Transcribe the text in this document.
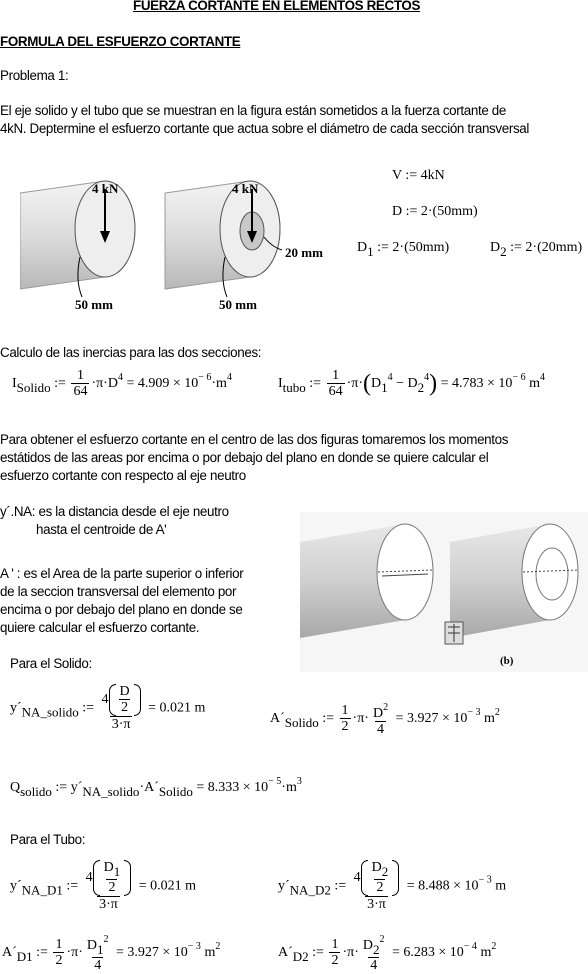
FUERZA CORTANTE EN ELEMENTOS RECTOS
FORMULA DEL ESFUERZO CORTANTE
Problema 1:
El eje solido y el tubo que se muestran en la figura están sometidos a la fuerza cortante de
4kN. Deptermine el esfuerzo cortante que actua sobre el diámetro de cada sección transversal
4 kN	4 kN
50 mm	50 mm
20 mm
V := 4kN
D := 2·(50mm)
$D_1$ := 2·(50mm)	$D_2$ := 2·(20mm)
Calculo de las inercias para las dos secciones:
$I_{Solido}$ := $\frac{1}{64} \cdot\pi\cdot D^4 = 4.909 \times 10^{- 6}\cdot m^4$	$I_{tubo}$ := $\frac{1}{64} \cdot\pi\cdot(D_1^4 - D_2^4) = 4.783 \times 10^{- 6}$ $m^4$
Para obtener el esfuerzo cortante en el centro de las dos figuras tomaremos los momentos
estátidos de las areas por encima o por debajo del plano en donde se quiere calcular el
esfuerzo cortante con respecto al eje neutro
y´.NA: es la distancia desde el eje neutro
hasta el centroide de A'
A ' : es el Area de la parte superior o inferior
de la seccion transversal del elemento por
encima o por debajo del plano en donde se
quiere calcular el esfuerzo cortante.
(b)
Para el Solido:
$y´_{NA\_solido}$ := $\frac{4 \frac{D}{2}}{3\cdot\pi} = 0.021$ m
$A´_{Solido}$ := $\frac{1}{2} \cdot\pi\cdot \frac{D^2}{4} = 3.927 \times 10^{- 3}$ $m^2$
$Q_{solido}$ := $y´_{NA\_solido}\cdot A´_{Solido} = 8.333 \times 10^{- 5}\cdot m^3$
Para el Tubo:
$y´_{NA\_D1}$ := $\frac{4 \frac{D_1}{2}}{3\cdot\pi} = 0.021$ m	$y´_{NA\_D2}$ := $\frac{4 \frac{D_2}{2}}{3\cdot\pi} = 8.488 \times 10^{- 3}$ m
$A´_{D1}$ := $\frac{1}{2} \cdot\pi\cdot \frac{D_1^2}{4} = 3.927 \times 10^{- 3}$ $m^2$	$A´_{D2}$ := $\frac{1}{2} \cdot\pi\cdot \frac{D_2^2}{4} = 6.283 \times 10^{- 4}$ $m^2$
